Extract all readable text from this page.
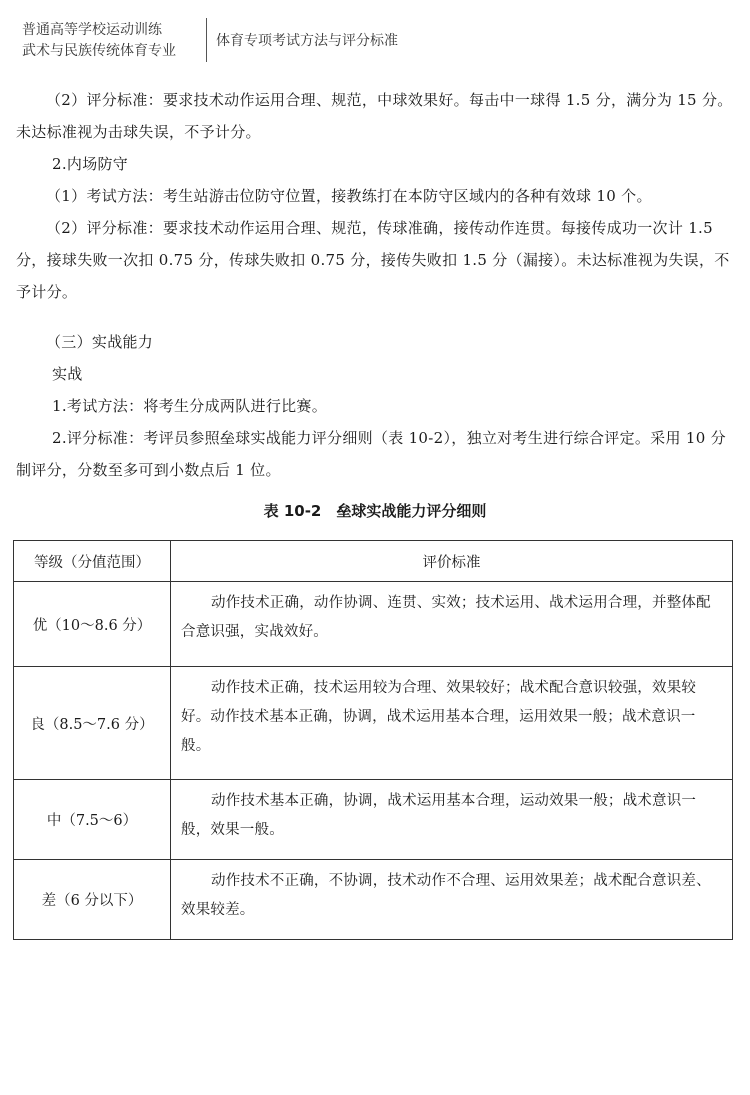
普通高等学校运动训练
武术与民族传统体育专业
体育专项考试方法与评分标准

（2）评分标准：要求技术动作运用合理、规范，中球效果好。每击中一球得 1.5 分，满分为 15 分。未达标准视为击球失误，不予计分。

2.内场防守

（1）考试方法：考生站游击位防守位置，接教练打在本防守区域内的各种有效球 10 个。

（2）评分标准：要求技术动作运用合理、规范，传球准确，接传动作连贯。每接传成功一次计 1.5 分，接球失败一次扣 0.75 分，传球失败扣 0.75 分，接传失败扣 1.5 分（漏接）。未达标准视为失误，不予计分。

（三）实战能力

实战

1.考试方法：将考生分成两队进行比赛。

2.评分标准：考评员参照垒球实战能力评分细则（表 10-2），独立对考生进行综合评定。采用 10 分制评分，分数至多可到小数点后 1 位。

表 10-2　垒球实战能力评分细则
等级（分值范围）	评价标准
优（10～8.6 分）	动作技术正确，动作协调、连贯、实效；技术运用、战术运用合理，并整体配合意识强，实战效好。
良（8.5～7.6 分）	动作技术正确，技术运用较为合理、效果较好；战术配合意识较强，效果较好。动作技术基本正确，协调，战术运用基本合理，运用效果一般；战术意识一般。
中（7.5～6）	动作技术基本正确，协调，战术运用基本合理，运动效果一般；战术意识一般，效果一般。
差（6 分以下）	动作技术不正确，不协调，技术动作不合理、运用效果差；战术配合意识差、效果较差。
